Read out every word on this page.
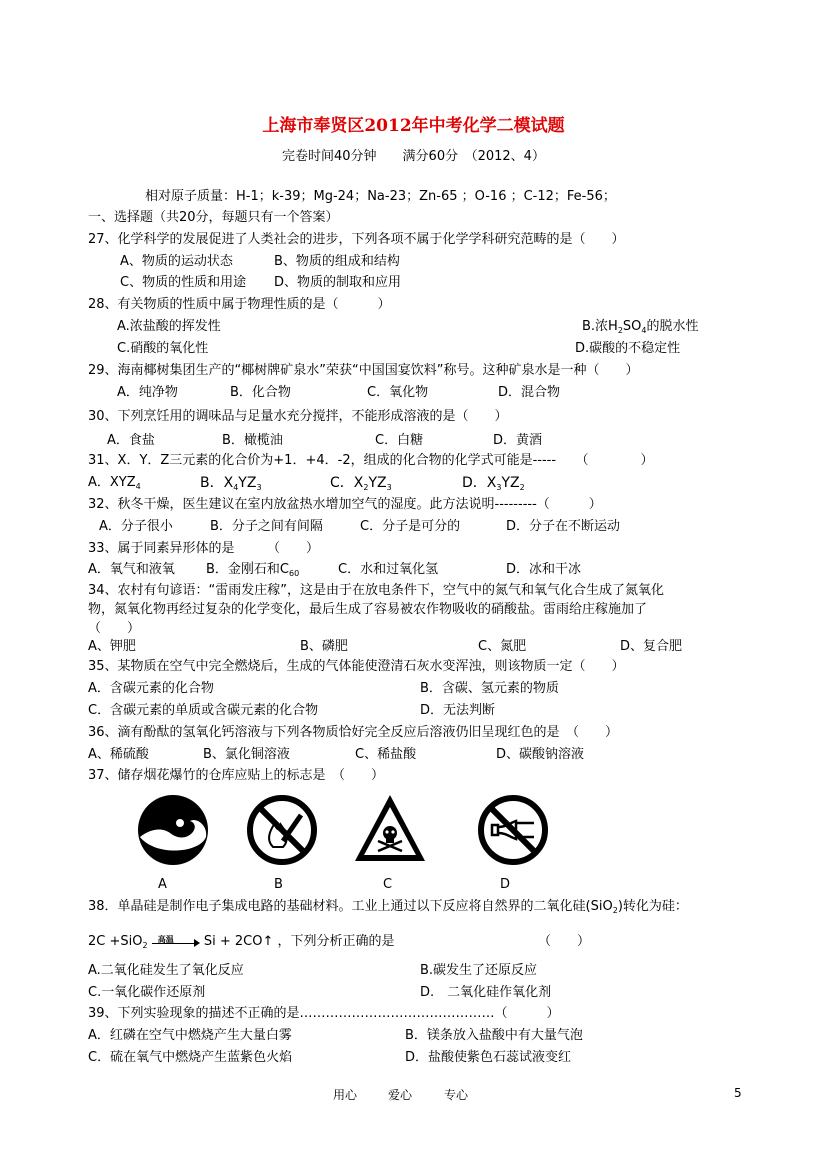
上海市奉贤区2012年中考化学二模试题
完卷时间40分钟　　满分60分　（2012、4）
相对原子质量：H-1；k-39；Mg-24；Na-23；Zn-65 ；O-16 ；C-12；Fe-56；
一、选择题（共20分，每题只有一个答案）
27、化学科学的发展促进了人类社会的进步，下列各项不属于化学学科研究范畴的是（　　）
A、物质的运动状态	B、物质的组成和结构
C、物质的性质和用途 D、物质的制取和应用
28、有关物质的性质中属于物理性质的是（　　　）
A.浓盐酸的挥发性	B.浓$H_2SO_4$的脱水性
C.硝酸的氧化性	D.碳酸的不稳定性
29、海南椰树集团生产的“椰树牌矿泉水”荣获“中国国宴饮料”称号。这种矿泉水是一种（　　）
A．纯净物	B．化合物	C．氧化物	D．混合物
30、下列烹饪用的调味品与足量水充分搅拌，不能形成溶液的是（　　）
A．食盐	B．橄榄油	C．白糖	D．黄酒
31、X．Y．Z三元素的化合价为+1．+4．-2，组成的化合物的化学式可能是-----　　（　　　　）
A．$XYZ_4$	B．$X_4YZ_3$	C．$X_2YZ_3$	D．$X_3YZ_2$
32、秋冬干燥，医生建议在室内放盆热水增加空气的湿度。此方法说明---------（　　　）
A．分子很小	B．分子之间有间隔	C．分子是可分的	D．分子在不断运动
33、属于同素异形体的是　　　（　　）
A．氧气和液氧 B．金刚石和$C_{60}$	C．水和过氧化氢	D．冰和干冰
34、农村有句谚语：“雷雨发庄稼”，这是由于在放电条件下，空气中的氮气和氧气化合生成了氮氧化
物，氮氧化物再经过复杂的化学变化，最后生成了容易被农作物吸收的硝酸盐。雷雨给庄稼施加了
（　　）
A、钾肥	B、磷肥	C、氮肥	D、复合肥
35、某物质在空气中完全燃烧后，生成的气体能使澄清石灰水变浑浊，则该物质一定（　　）
A．含碳元素的化合物	B．含碳、氢元素的物质
C．含碳元素的单质或含碳元素的化合物	D．无法判断
36、滴有酚酞的氢氧化钙溶液与下列各物质恰好完全反应后溶液仍旧呈现红色的是　（　　）
A、稀硫酸	B、氯化铜溶液	C、稀盐酸	D、碳酸钠溶液
37、储存烟花爆竹的仓库应贴上的标志是　（　　）
A	B	C	D
38．单晶硅是制作电子集成电路的基础材料。工业上通过以下反应将自然界的二氧化硅(SiO$_2$)转化为硅：
2C +SiO$_2$
高温 Si + 2CO↑ ，下列分析正确的是	（　　）
A.二氧化硅发生了氧化反应	B.碳发生了还原反应
C.一氧化碳作还原剂	D.　二氧化硅作氧化剂
39、下列实验现象的描述不正确的是………………………………………（　　　）
A．红磷在空气中燃烧产生大量白雾	B．镁条放入盐酸中有大量气泡
C．硫在氧气中燃烧产生蓝紫色火焰	D．盐酸使紫色石蕊试液变红
用心	爱心	专心	5
